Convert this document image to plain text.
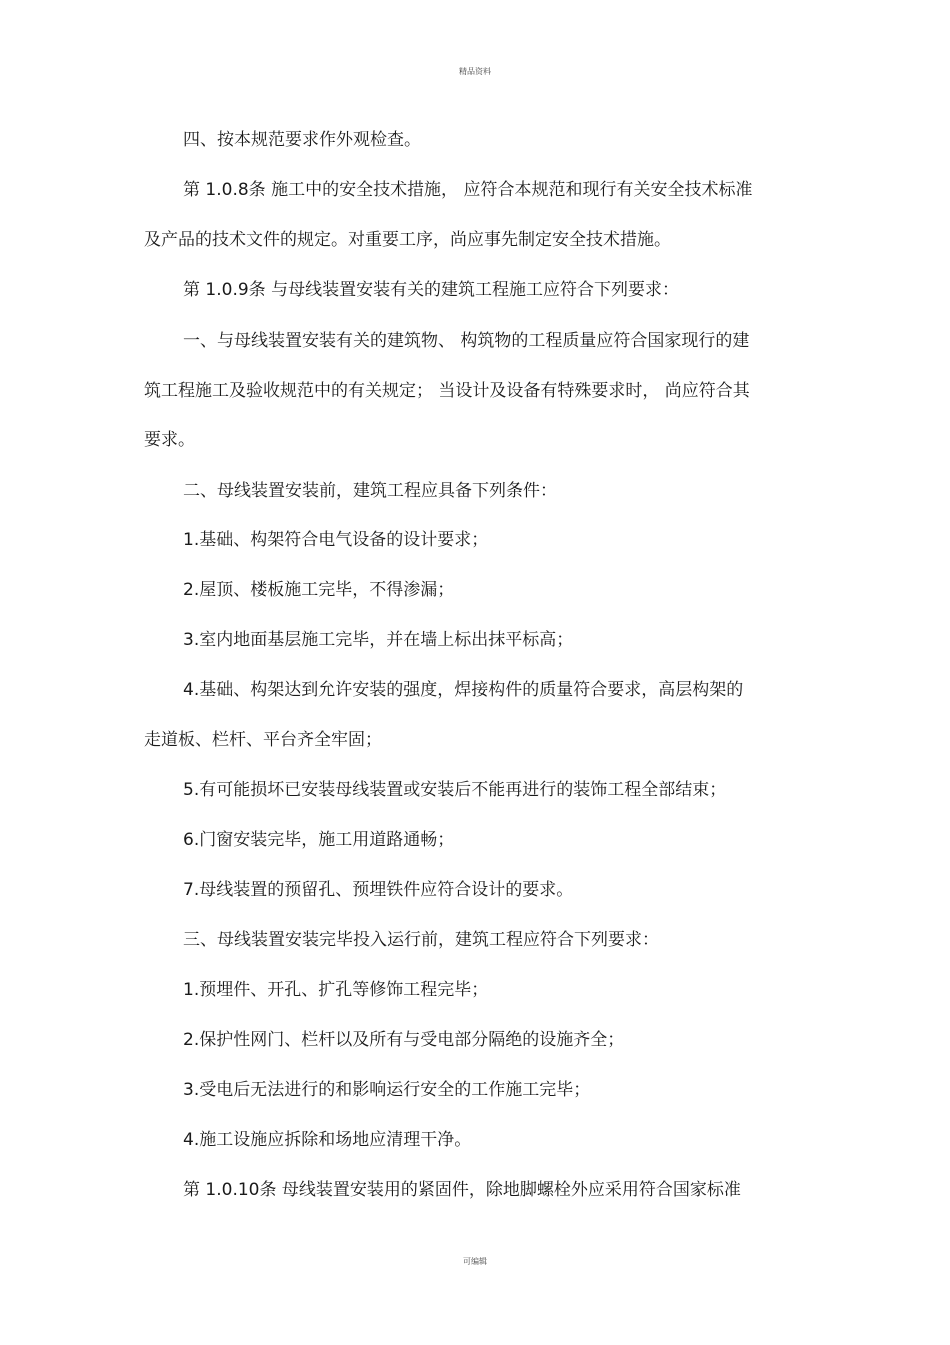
精品资料
四、按本规范要求作外观检查。
第 1.0.8条 施工中的安全技术措施， 应符合本规范和现行有关安全技术标准
及产品的技术文件的规定。对重要工序，尚应事先制定安全技术措施。
第 1.0.9条 与母线装置安装有关的建筑工程施工应符合下列要求：
一、与母线装置安装有关的建筑物、 构筑物的工程质量应符合国家现行的建
筑工程施工及验收规范中的有关规定； 当设计及设备有特殊要求时， 尚应符合其
要求。
二、母线装置安装前，建筑工程应具备下列条件：
1.基础、构架符合电气设备的设计要求；
2.屋顶、楼板施工完毕，不得渗漏；
3.室内地面基层施工完毕，并在墙上标出抹平标高；
4.基础、构架达到允许安装的强度，焊接构件的质量符合要求，高层构架的
走道板、栏杆、平台齐全牢固；
5.有可能损坏已安装母线装置或安装后不能再进行的装饰工程全部结束；
6.门窗安装完毕，施工用道路通畅；
7.母线装置的预留孔、预埋铁件应符合设计的要求。
三、母线装置安装完毕投入运行前，建筑工程应符合下列要求：
1.预埋件、开孔、扩孔等修饰工程完毕；
2.保护性网门、栏杆以及所有与受电部分隔绝的设施齐全；
3.受电后无法进行的和影响运行安全的工作施工完毕；
4.施工设施应拆除和场地应清理干净。
第 1.0.10条 母线装置安装用的紧固件，除地脚螺栓外应采用符合国家标准
可编辑
